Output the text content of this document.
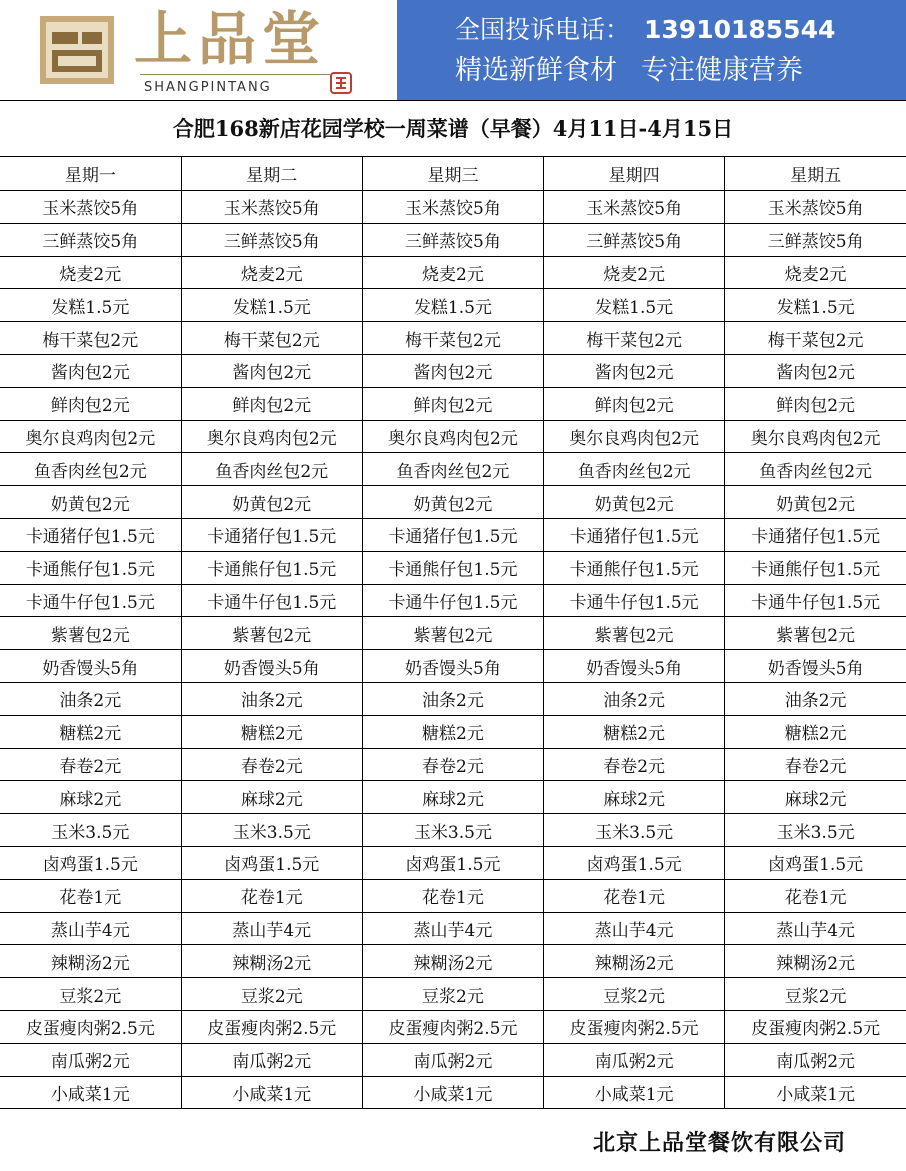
上品堂
SHANGPINTANG
全国投诉电话： 13910185544
精选新鲜食材 专注健康营养
合肥168新店花园学校一周菜谱（早餐）4月11日-4月15日
星期一	星期二	星期三	星期四	星期五
玉米蒸饺5角	玉米蒸饺5角	玉米蒸饺5角	玉米蒸饺5角	玉米蒸饺5角
三鲜蒸饺5角	三鲜蒸饺5角	三鲜蒸饺5角	三鲜蒸饺5角	三鲜蒸饺5角
烧麦2元	烧麦2元	烧麦2元	烧麦2元	烧麦2元
发糕1.5元	发糕1.5元	发糕1.5元	发糕1.5元	发糕1.5元
梅干菜包2元	梅干菜包2元	梅干菜包2元	梅干菜包2元	梅干菜包2元
酱肉包2元	酱肉包2元	酱肉包2元	酱肉包2元	酱肉包2元
鲜肉包2元	鲜肉包2元	鲜肉包2元	鲜肉包2元	鲜肉包2元
奥尔良鸡肉包2元	奥尔良鸡肉包2元	奥尔良鸡肉包2元	奥尔良鸡肉包2元	奥尔良鸡肉包2元
鱼香肉丝包2元	鱼香肉丝包2元	鱼香肉丝包2元	鱼香肉丝包2元	鱼香肉丝包2元
奶黄包2元	奶黄包2元	奶黄包2元	奶黄包2元	奶黄包2元
卡通猪仔包1.5元	卡通猪仔包1.5元	卡通猪仔包1.5元	卡通猪仔包1.5元	卡通猪仔包1.5元
卡通熊仔包1.5元	卡通熊仔包1.5元	卡通熊仔包1.5元	卡通熊仔包1.5元	卡通熊仔包1.5元
卡通牛仔包1.5元	卡通牛仔包1.5元	卡通牛仔包1.5元	卡通牛仔包1.5元	卡通牛仔包1.5元
紫薯包2元	紫薯包2元	紫薯包2元	紫薯包2元	紫薯包2元
奶香馒头5角	奶香馒头5角	奶香馒头5角	奶香馒头5角	奶香馒头5角
油条2元	油条2元	油条2元	油条2元	油条2元
糖糕2元	糖糕2元	糖糕2元	糖糕2元	糖糕2元
春卷2元	春卷2元	春卷2元	春卷2元	春卷2元
麻球2元	麻球2元	麻球2元	麻球2元	麻球2元
玉米3.5元	玉米3.5元	玉米3.5元	玉米3.5元	玉米3.5元
卤鸡蛋1.5元	卤鸡蛋1.5元	卤鸡蛋1.5元	卤鸡蛋1.5元	卤鸡蛋1.5元
花卷1元	花卷1元	花卷1元	花卷1元	花卷1元
蒸山芋4元	蒸山芋4元	蒸山芋4元	蒸山芋4元	蒸山芋4元
辣糊汤2元	辣糊汤2元	辣糊汤2元	辣糊汤2元	辣糊汤2元
豆浆2元	豆浆2元	豆浆2元	豆浆2元	豆浆2元
皮蛋瘦肉粥2.5元	皮蛋瘦肉粥2.5元	皮蛋瘦肉粥2.5元	皮蛋瘦肉粥2.5元	皮蛋瘦肉粥2.5元
南瓜粥2元	南瓜粥2元	南瓜粥2元	南瓜粥2元	南瓜粥2元
小咸菜1元	小咸菜1元	小咸菜1元	小咸菜1元	小咸菜1元
北京上品堂餐饮有限公司
